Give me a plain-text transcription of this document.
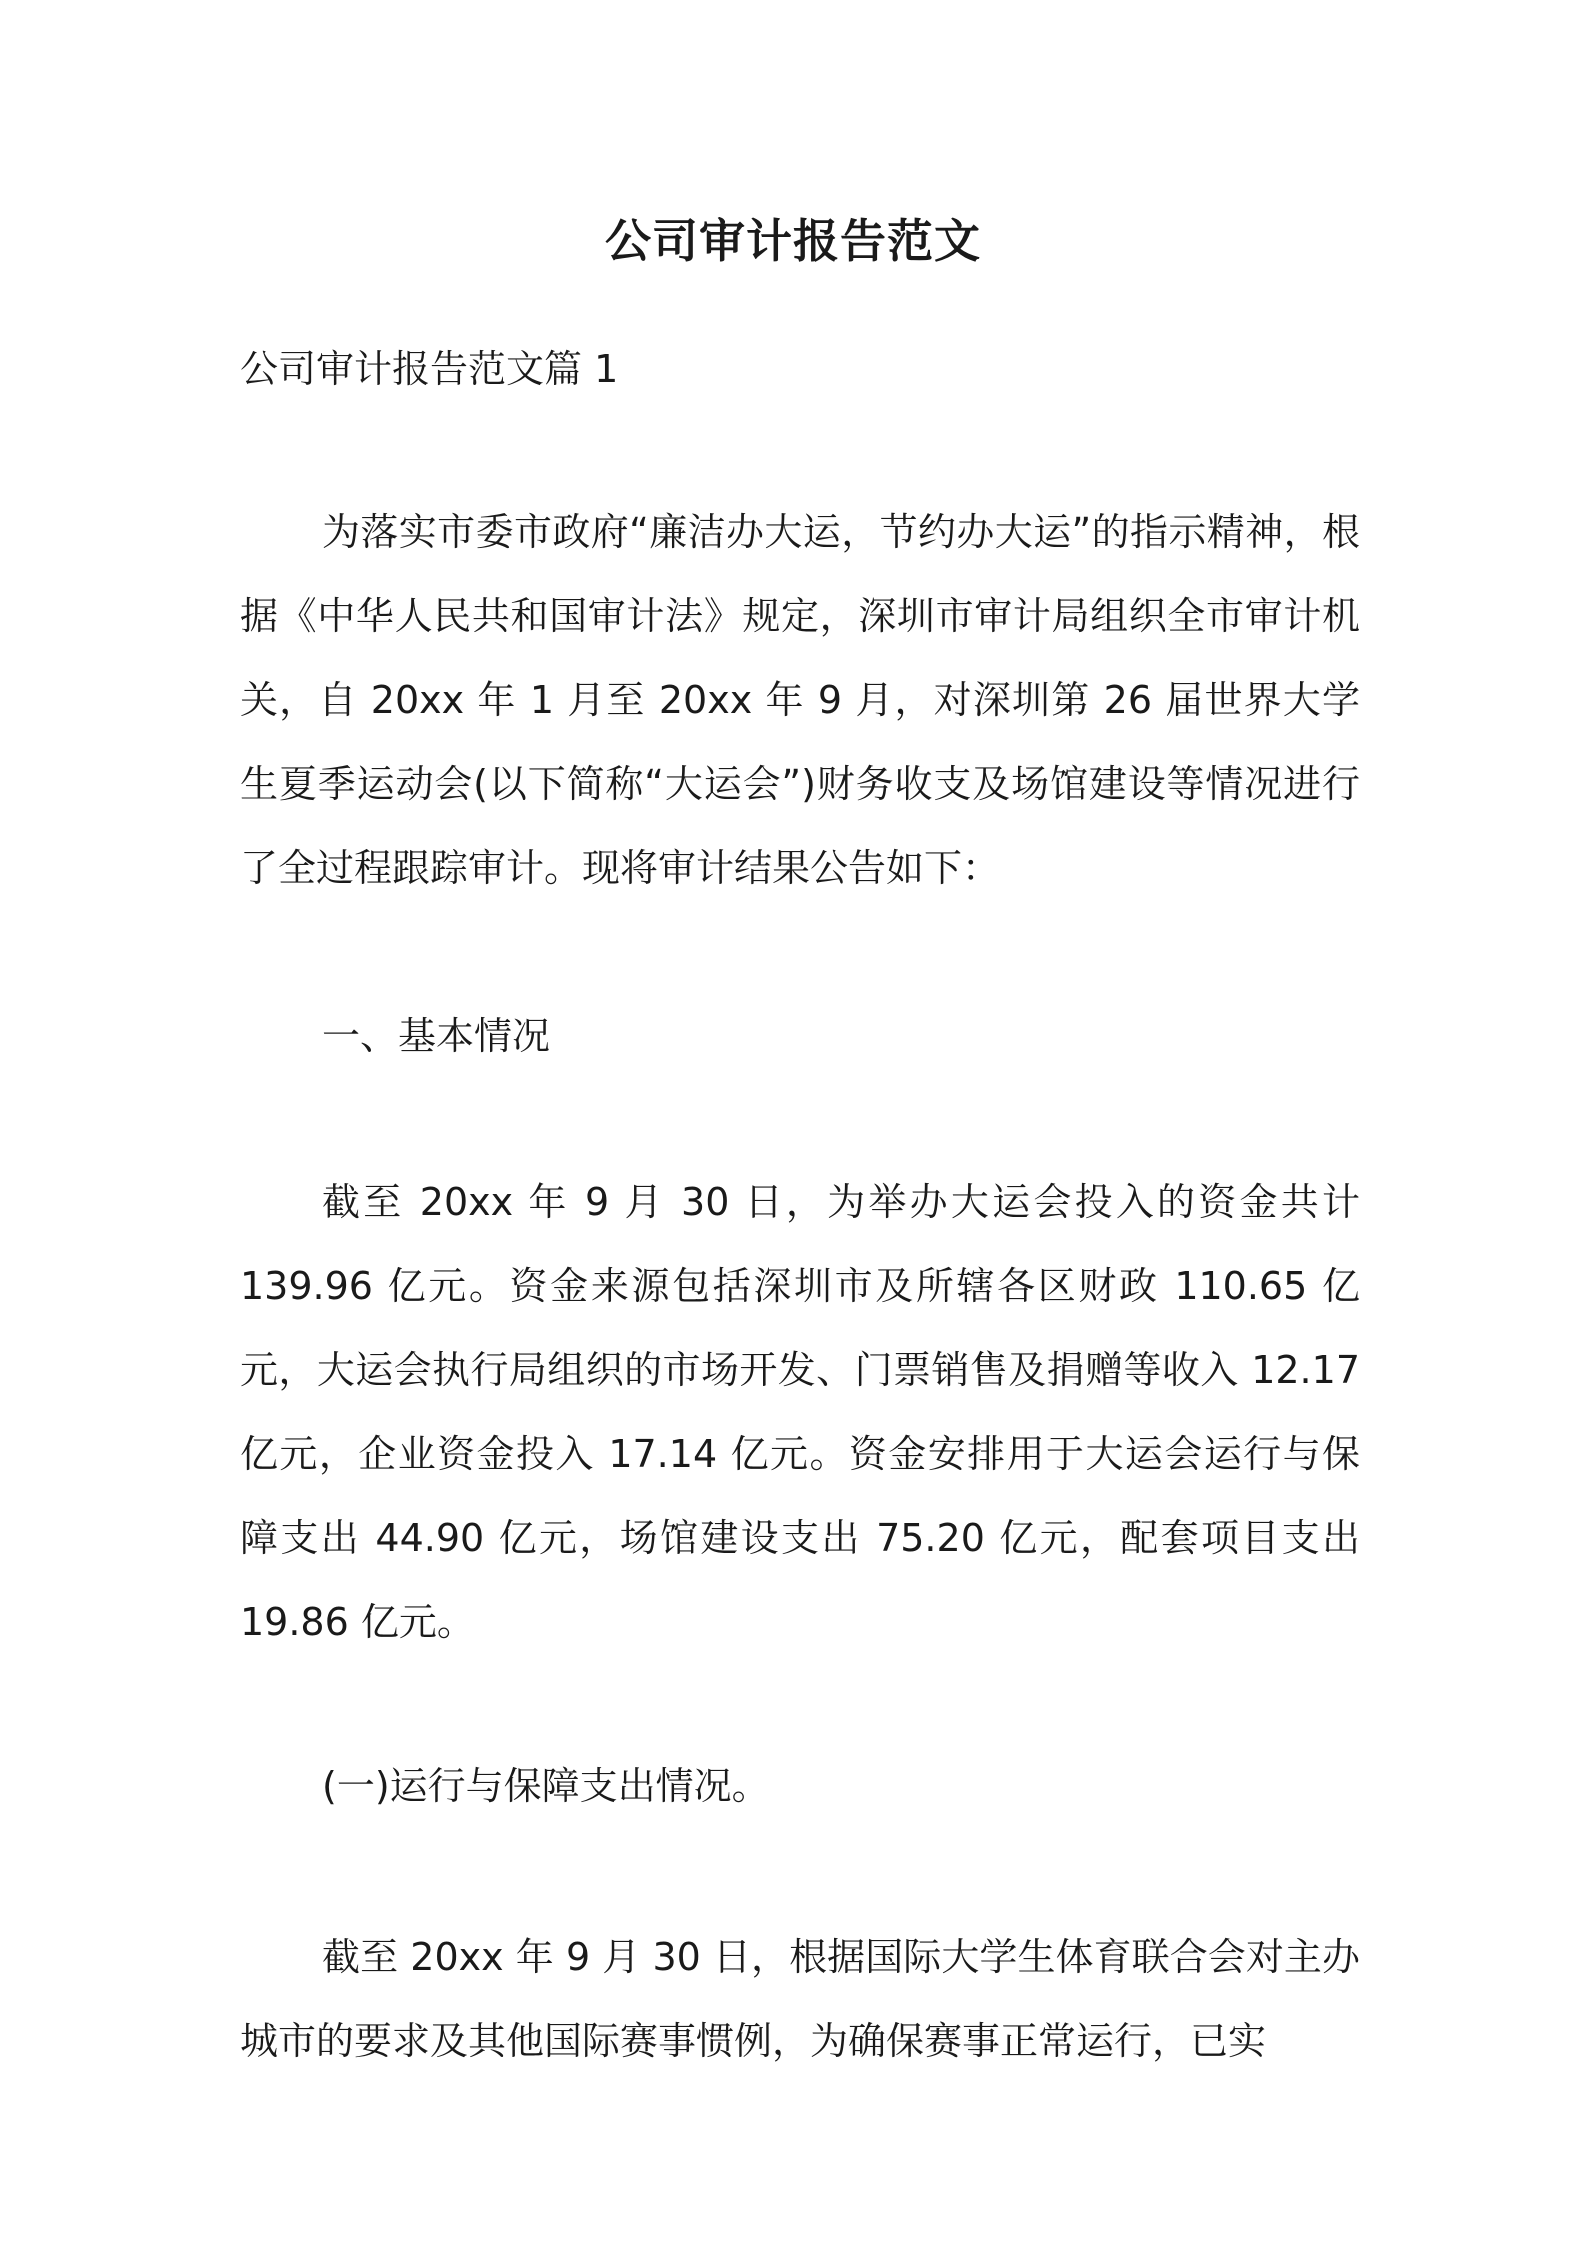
公司审计报告范文

公司审计报告范文篇 1

为落实市委市政府“廉洁办大运，节约办大运”的指示精神，根据《中华人民共和国审计法》规定，深圳市审计局组织全市审计机关，自 20xx 年 1 月至 20xx 年 9 月，对深圳第 26 届世界大学生夏季运动会(以下简称“大运会”)财务收支及场馆建设等情况进行了全过程跟踪审计。现将审计结果公告如下：

一、基本情况

截至 20xx 年 9 月 30 日，为举办大运会投入的资金共计 139.96 亿元。资金来源包括深圳市及所辖各区财政 110.65 亿元，大运会执行局组织的市场开发、门票销售及捐赠等收入 12.17 亿元，企业资金投入 17.14 亿元。资金安排用于大运会运行与保障支出 44.90 亿元，场馆建设支出 75.20 亿元，配套项目支出 19.86 亿元。

(一)运行与保障支出情况。

截至 20xx 年 9 月 30 日，根据国际大学生体育联合会对主办城市的要求及其他国际赛事惯例，为确保赛事正常运行，已实
